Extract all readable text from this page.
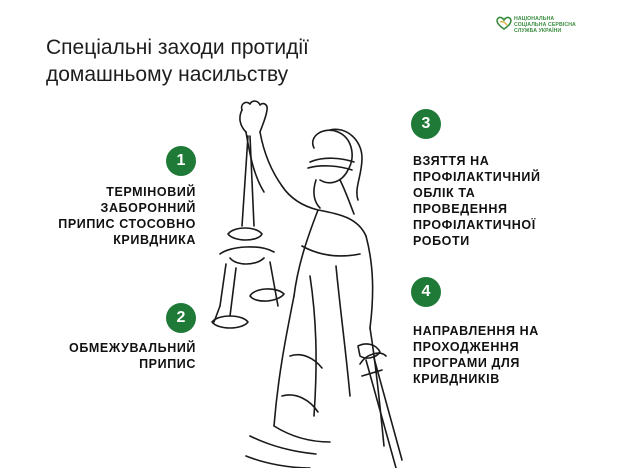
Спеціальні заходи протидії
домашньому насильству
НАЦІОНАЛЬНА
СОЦІАЛЬНА СЕРВІСНА
СЛУЖБА УКРАЇНИ
1
ТЕРМІНОВИЙ
ЗАБОРОННИЙ
ПРИПИС СТОСОВНО
КРИВДНИКА
2
ОБМЕЖУВАЛЬНИЙ
ПРИПИС
3
ВЗЯТТЯ НА
ПРОФІЛАКТИЧНИЙ
ОБЛІК ТА
ПРОВЕДЕННЯ
ПРОФІЛАКТИЧНОЇ
РОБОТИ
4
НАПРАВЛЕННЯ НА
ПРОХОДЖЕННЯ
ПРОГРАМИ ДЛЯ
КРИВДНИКІВ
